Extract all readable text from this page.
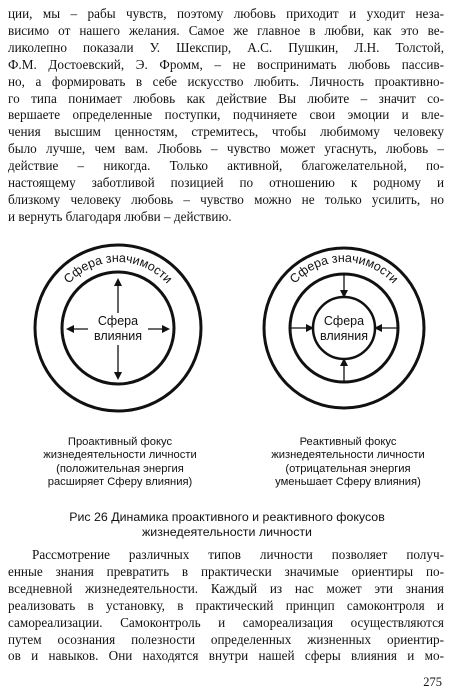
ции, мы – рабы чувств, поэтому любовь приходит и уходит неза-
висимо от нашего желания. Самое же главное в любви, как это ве-
ликолепно показали У. Шекспир, А.С. Пушкин, Л.Н. Толстой,
Ф.М. Достоевский, Э. Фромм, – не воспринимать любовь пассив-
но, а формировать в себе искусство любить. Личность проактивно-
го типа понимает любовь как действие Вы любите – значит со-
вершаете определенные поступки, подчиняете свои эмоции и вле-
чения высшим ценностям, стремитесь, чтобы любимому человеку
было лучше, чем вам. Любовь – чувство может угаснуть, любовь –
действие – никогда. Только активной, благожелательной, по-
настоящему заботливой позицией по отношению к родному и
близкому человеку любовь – чувство можно не только усилить, но
и вернуть благодаря любви – действию.

Сфера значимости
Сфера
влияния
Сфера значимости
Сфера
влияния

Проактивный фокус
жизнедеятельности личности
(положительная энергия
расширяет Сферу влияния)

Реактивный фокус
жизнедеятельности личности
(отрицательная энергия
уменьшает Сферу влияния)

Рис 26 Динамика проактивного и реактивного фокусов
жизнедеятельности личности

Рассмотрение различных типов личности позволяет получ-
енные знания превратить в практически значимые ориентиры по-
вседневной жизнедеятельности. Каждый из нас может эти знания
реализовать в установку, в практический принцип самоконтроля и
самореализации. Самоконтроль и самореализация осуществляются
путем осознания полезности определенных жизненных ориентир-
ов и навыков. Они находятся внутри нашей сферы влияния и мо-

275
